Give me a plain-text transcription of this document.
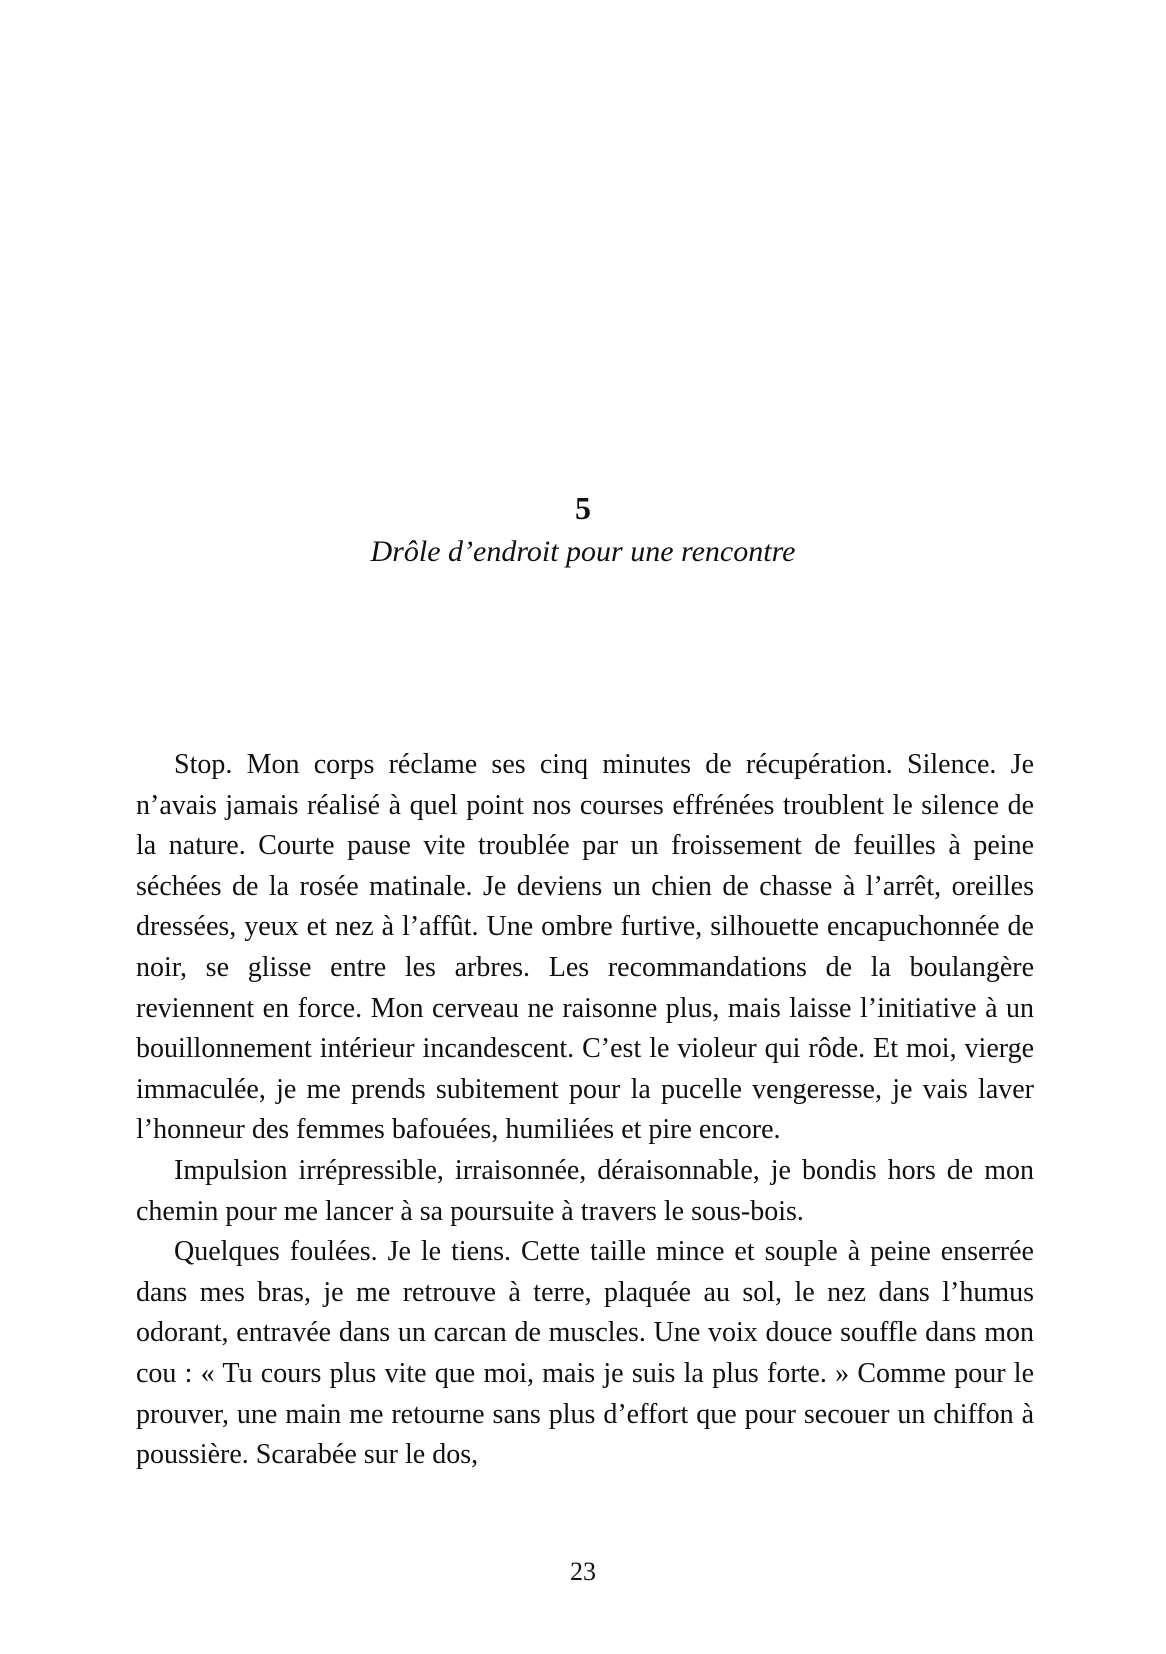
5
Drôle d’endroit pour une rencontre

Stop. Mon corps réclame ses cinq minutes de récupération. Silence. Je n’avais jamais réalisé à quel point nos courses effrénées troublent le silence de la nature. Courte pause vite troublée par un froissement de feuilles à peine séchées de la rosée matinale. Je deviens un chien de chasse à l’arrêt, oreilles dressées, yeux et nez à l’affût. Une ombre furtive, silhouette encapuchonnée de noir, se glisse entre les arbres. Les recommandations de la boulangère reviennent en force. Mon cerveau ne raisonne plus, mais laisse l’initiative à un bouillonnement intérieur incandescent. C’est le violeur qui rôde. Et moi, vierge immaculée, je me prends subitement pour la pucelle vengeresse, je vais laver l’honneur des femmes bafouées, humiliées et pire encore.

Impulsion irrépressible, irraisonnée, déraisonnable, je bondis hors de mon chemin pour me lancer à sa poursuite à travers le sous-bois.

Quelques foulées. Je le tiens. Cette taille mince et souple à peine enserrée dans mes bras, je me retrouve à terre, plaquée au sol, le nez dans l’humus odorant, entravée dans un carcan de muscles. Une voix douce souffle dans mon cou : « Tu cours plus vite que moi, mais je suis la plus forte. » Comme pour le prouver, une main me retourne sans plus d’effort que pour secouer un chiffon à poussière. Scarabée sur le dos,

23
